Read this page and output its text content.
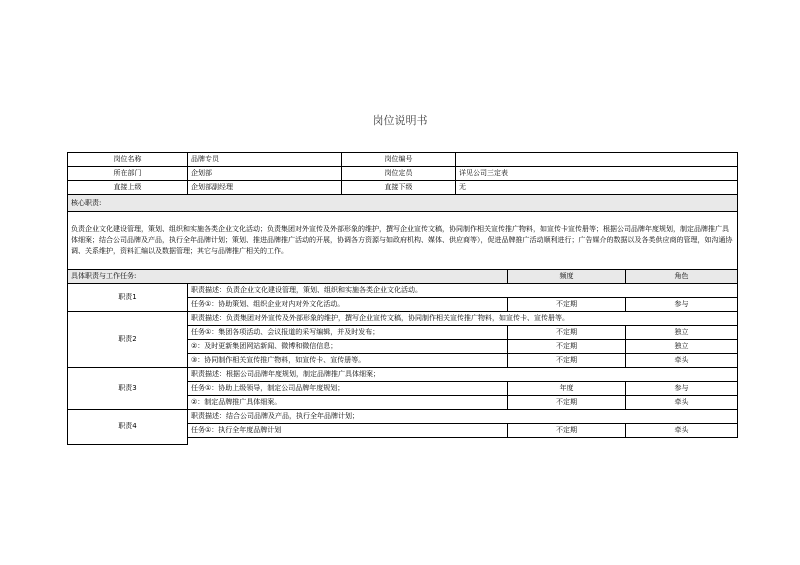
岗位说明书
岗位名称	品牌专员	岗位编号			
所在部门	企划部	岗位定员	详见公司三定表		
直接上级	企划部副经理	直接下级	无		
核心职责:					
负责企业文化建设管理，策划、组织和实施各类企业文化活动；负责集团对外宣传及外部形象的维护，撰写企业宣传文稿，协同制作相关宣传推广物料，如宣传卡宣传册等；根据公司品牌年度规划，制定品牌推广具体细案；结合公司品牌及产品，执行全年品牌计划；策划、推进品牌推广活动的开展，协调各方资源与如政府机构、媒体、供应商等），促进品牌推广活动顺利进行；广告媒介的数据以及各类供应商的管理，如沟通协调、关系维护，资料汇编以及数据管理；其它与品牌推广相关的工作。					
具体职责与工作任务:				频度	角色
职责1	职责描述：负责企业文化建设管理，策划、组织和实施各类企业文化活动。				
	任务①：协助策划、组织企业对内对外文化活动。			不定期	参与
职责2	职责描述：负责集团对外宣传及外部形象的维护，撰写企业宣传文稿，协同制作相关宣传推广物料，如宣传卡、宣传册等。				
	任务①：集团各项活动、会议报道的采写编辑，并及时发布；			不定期	独立
	②：及时更新集团网站新闻、微博和微信信息；			不定期	独立
	③：协同制作相关宣传推广物料，如宣传卡、宣传册等。			不定期	牵头
职责3	职责描述：根据公司品牌年度规划，制定品牌推广具体细案；				
	任务①：协助上级领导，制定公司品牌年度规划；			年度	参与
	②：制定品牌推广具体细案。			不定期	牵头
职责4	职责描述：结合公司品牌及产品，执行全年品牌计划；				
	任务①：执行全年度品牌计划			不定期	牵头
